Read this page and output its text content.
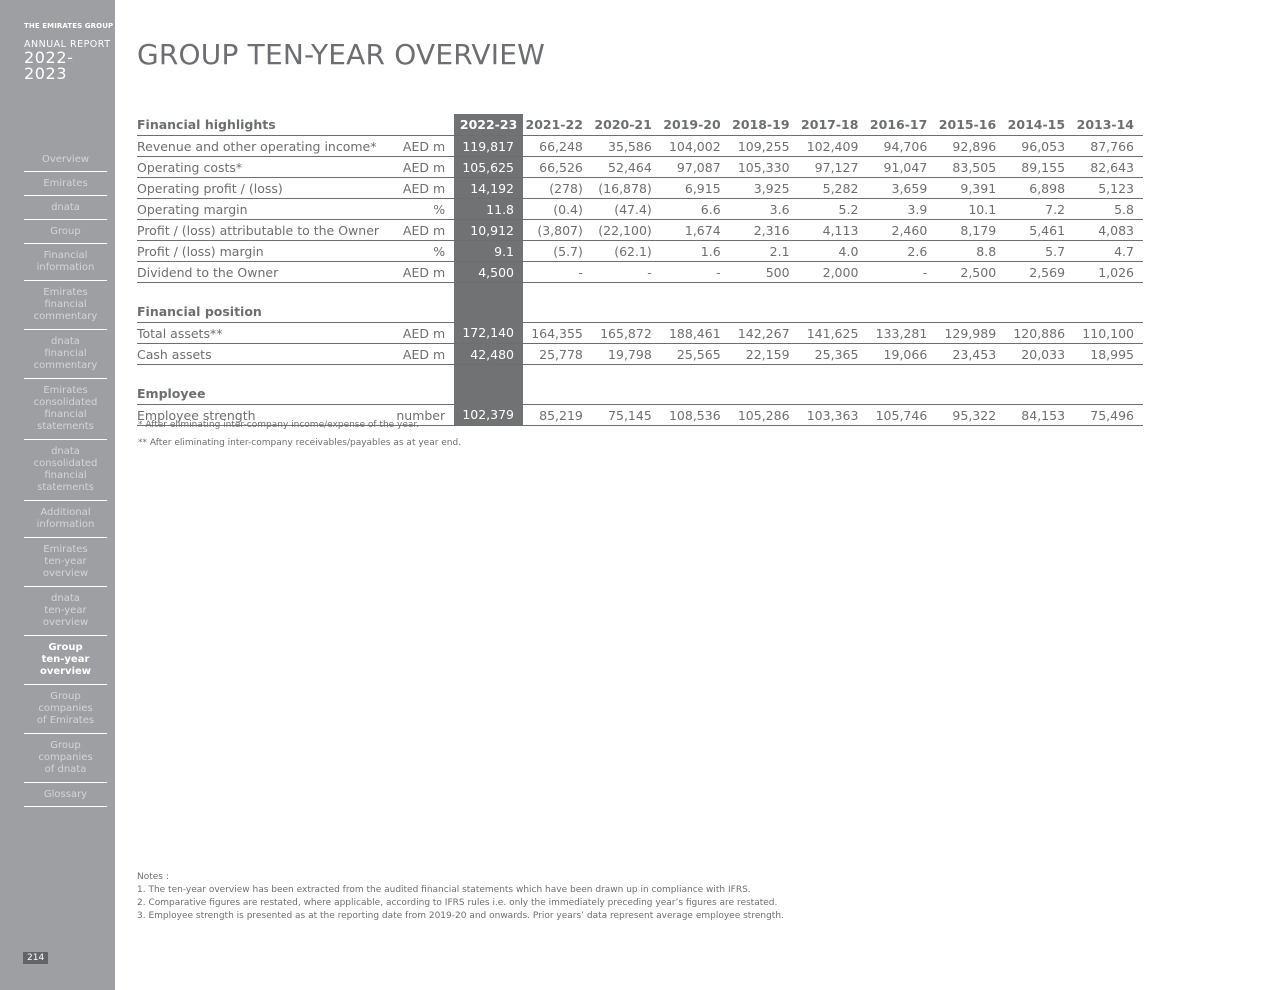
THE EMIRATES GROUP
ANNUAL REPORT
2022-2023
Overview
Emirates
dnata
Group
Financial
information
Emirates
financial
commentary
dnata
financial
commentary
Emirates
consolidated
financial
statements
dnata
consolidated
financial
statements
Additional
information
Emirates
ten-year
overview
dnata
ten-year
overview
Group
ten-year
overview
Group
companies
of Emirates
Group
companies
of dnata
Glossary
214
GROUP TEN-YEAR OVERVIEW
Financial highlights		2022-23	2021-22	2020-21	2019-20	2018-19	2017-18	2016-17	2015-16	2014-15	2013-14
Revenue and other operating income*	AED m	119,817	66,248	35,586	104,002	109,255	102,409	94,706	92,896	96,053	87,766
Operating costs*	AED m	105,625	66,526	52,464	97,087	105,330	97,127	91,047	83,505	89,155	82,643
Operating profit / (loss)	AED m	14,192	(278)	(16,878)	6,915	3,925	5,282	3,659	9,391	6,898	5,123
Operating margin	%	11.8	(0.4)	(47.4)	6.6	3.6	5.2	3.9	10.1	7.2	5.8
Profit / (loss) attributable to the Owner	AED m	10,912	(3,807)	(22,100)	1,674	2,316	4,113	2,460	8,179	5,461	4,083
Profit / (loss) margin	%	9.1	(5.7)	(62.1)	1.6	2.1	4.0	2.6	8.8	5.7	4.7
Dividend to the Owner	AED m	4,500	-	-	-	500	2,000	-	2,500	2,569	1,026
Financial position											
Total assets**	AED m	172,140	164,355	165,872	188,461	142,267	141,625	133,281	129,989	120,886	110,100
Cash assets	AED m	42,480	25,778	19,798	25,565	22,159	25,365	19,066	23,453	20,033	18,995
Employee											
Employee strength	number	102,379	85,219	75,145	108,536	105,286	103,363	105,746	95,322	84,153	75,496
* After eliminating inter-company income/expense of the year.
** After eliminating inter-company receivables/payables as at year end.
Notes :
1. The ten-year overview has been extracted from the audited financial statements which have been drawn up in compliance with IFRS.
2. Comparative figures are restated, where applicable, according to IFRS rules i.e. only the immediately preceding year’s figures are restated.
3. Employee strength is presented as at the reporting date from 2019-20 and onwards. Prior years’ data represent average employee strength.
